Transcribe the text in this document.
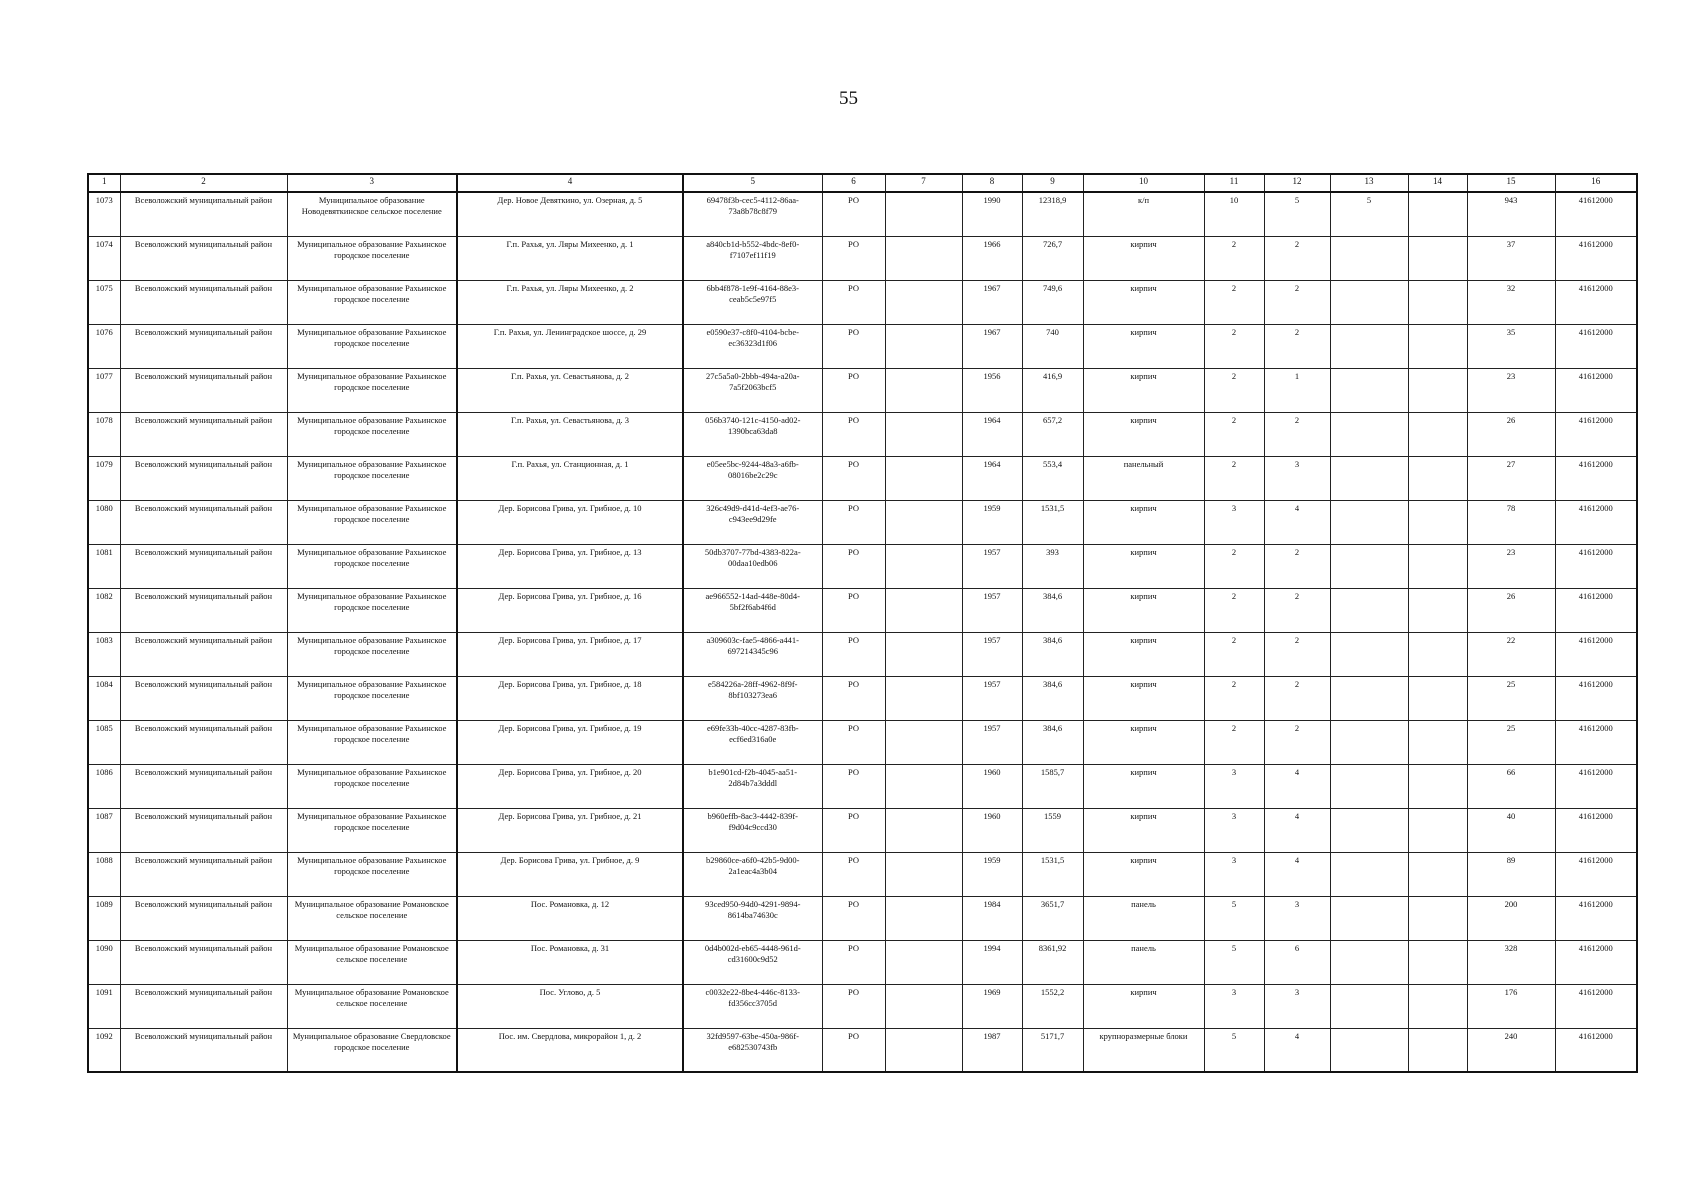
55
1	2	3	4	5	6	7	8	9	10	11	12	13	14	15	16
1073	Всеволожский муниципальный район	Муниципальное образование Новодевяткинское сельское поселение	Дер. Новое Девяткино, ул. Озерная, д. 5	69478f3b-cec5-4112-86aa-73a8b78c8f79	РО		1990	12318,9	к/п	10	5	5		943	41612000
1074	Всеволожский муниципальный район	Муниципальное образование Рахьинское городское поселение	Г.п. Рахья, ул. Ляры Михеенко, д. 1	a840cb1d-b552-4bdc-8ef0-f7107ef11f19	РО		1966	726,7	кирпич	2	2			37	41612000
1075	Всеволожский муниципальный район	Муниципальное образование Рахьинское городское поселение	Г.п. Рахья, ул. Ляры Михеенко, д. 2	6bb4f878-1e9f-4164-88e3-ceab5c5e97f5	РО		1967	749,6	кирпич	2	2			32	41612000
1076	Всеволожский муниципальный район	Муниципальное образование Рахьинское городское поселение	Г.п. Рахья, ул. Ленинградское шоссе, д. 29	e0590e37-c8f0-4104-bcbe-ec36323d1f06	РО		1967	740	кирпич	2	2			35	41612000
1077	Всеволожский муниципальный район	Муниципальное образование Рахьинское городское поселение	Г.п. Рахья, ул. Севастьянова, д. 2	27c5a5a0-2bbb-494a-a20a-7a5f2063bcf5	РО		1956	416,9	кирпич	2	1			23	41612000
1078	Всеволожский муниципальный район	Муниципальное образование Рахьинское городское поселение	Г.п. Рахья, ул. Севастьянова, д. 3	056b3740-121c-4150-ad02-1390bca63da8	РО		1964	657,2	кирпич	2	2			26	41612000
1079	Всеволожский муниципальный район	Муниципальное образование Рахьинское городское поселение	Г.п. Рахья, ул. Станционная, д. 1	e05ee5bc-9244-48a3-a6fb-08016be2c29c	РО		1964	553,4	панельный	2	3			27	41612000
1080	Всеволожский муниципальный район	Муниципальное образование Рахьинское городское поселение	Дер. Борисова Грива, ул. Грибное, д. 10	326c49d9-d41d-4ef3-ae76-c943ee9d29fe	РО		1959	1531,5	кирпич	3	4			78	41612000
1081	Всеволожский муниципальный район	Муниципальное образование Рахьинское городское поселение	Дер. Борисова Грива, ул. Грибное, д. 13	50db3707-77bd-4383-822a-00daa10edb06	РО		1957	393	кирпич	2	2			23	41612000
1082	Всеволожский муниципальный район	Муниципальное образование Рахьинское городское поселение	Дер. Борисова Грива, ул. Грибное, д. 16	ae966552-14ad-448e-80d4-5bf2f6ab4f6d	РО		1957	384,6	кирпич	2	2			26	41612000
1083	Всеволожский муниципальный район	Муниципальное образование Рахьинское городское поселение	Дер. Борисова Грива, ул. Грибное, д. 17	a309603c-fae5-4866-a441-697214345c96	РО		1957	384,6	кирпич	2	2			22	41612000
1084	Всеволожский муниципальный район	Муниципальное образование Рахьинское городское поселение	Дер. Борисова Грива, ул. Грибное, д. 18	e584226a-28ff-4962-8f9f-8bf103273ea6	РО		1957	384,6	кирпич	2	2			25	41612000
1085	Всеволожский муниципальный район	Муниципальное образование Рахьинское городское поселение	Дер. Борисова Грива, ул. Грибное, д. 19	e69fe33b-40cc-4287-83fb-ecf6ed316a0e	РО		1957	384,6	кирпич	2	2			25	41612000
1086	Всеволожский муниципальный район	Муниципальное образование Рахьинское городское поселение	Дер. Борисова Грива, ул. Грибное, д. 20	b1e901cd-f2b-4045-aa51-2d84b7a3dddl	РО		1960	1585,7	кирпич	3	4			66	41612000
1087	Всеволожский муниципальный район	Муниципальное образование Рахьинское городское поселение	Дер. Борисова Грива, ул. Грибное, д. 21	b960effb-8ac3-4442-839f-f9d04c9ccd30	РО		1960	1559	кирпич	3	4			40	41612000
1088	Всеволожский муниципальный район	Муниципальное образование Рахьинское городское поселение	Дер. Борисова Грива, ул. Грибное, д. 9	b29860ce-a6f0-42b5-9d00-2a1eac4a3b04	РО		1959	1531,5	кирпич	3	4			89	41612000
1089	Всеволожский муниципальный район	Муниципальное образование Романовское сельское поселение	Пос. Романовка, д. 12	93ced950-94d0-4291-9894-8614ba74630c	РО		1984	3651,7	панель	5	3			200	41612000
1090	Всеволожский муниципальный район	Муниципальное образование Романовское сельское поселение	Пос. Романовка, д. 31	0d4b002d-eb65-4448-961d-cd31600c9d52	РО		1994	8361,92	панель	5	6			328	41612000
1091	Всеволожский муниципальный район	Муниципальное образование Романовское сельское поселение	Пос. Углово, д. 5	c0032e22-8be4-446c-8133-fd356cc3705d	РО		1969	1552,2	кирпич	3	3			176	41612000
1092	Всеволожский муниципальный район	Муниципальное образование Свердловское городское поселение	Пос. им. Свердлова, микрорайон 1, д. 2	32fd9597-63be-450a-986f-e682530743fb	РО		1987	5171,7	крупноразмерные блоки	5	4			240	41612000
